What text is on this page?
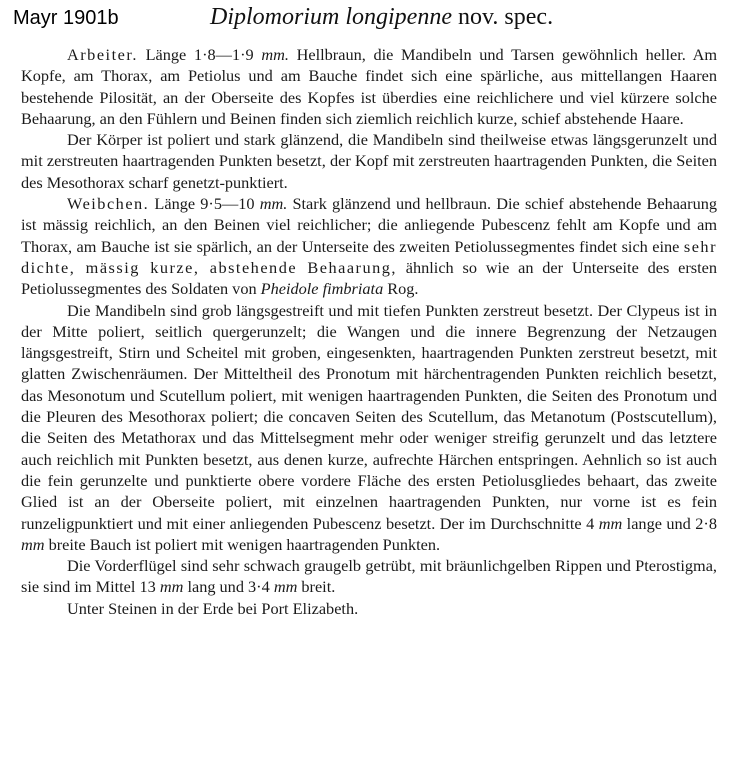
Mayr 1901b	Diplomorium longipenne nov. spec.

Arbeiter. Länge 1·8—1·9 mm. Hellbraun, die Mandibeln und Tarsen gewöhnlich heller. Am Kopfe, am Thorax, am Petiolus und am Bauche findet sich eine spärliche, aus mittellangen Haaren bestehende Pilosität, an der Oberseite des Kopfes ist überdies eine reichlichere und viel kürzere solche Behaarung, an den Fühlern und Beinen finden sich ziemlich reichlich kurze, schief abstehende Haare.

Der Körper ist poliert und stark glänzend, die Mandibeln sind theilweise etwas längsgerunzelt und mit zerstreuten haartragenden Punkten besetzt, der Kopf mit zerstreuten haartragenden Punkten, die Seiten des Mesothorax scharf genetzt-punktiert.

Weibchen. Länge 9·5—10 mm. Stark glänzend und hellbraun. Die schief abstehende Behaarung ist mässig reichlich, an den Beinen viel reichlicher; die anliegende Pubescenz fehlt am Kopfe und am Thorax, am Bauche ist sie spärlich, an der Unterseite des zweiten Petiolussegmentes findet sich eine sehr dichte, mässig kurze, abstehende Behaarung, ähnlich so wie an der Unterseite des ersten Petiolussegmentes des Soldaten von Pheidole fimbriata Rog.

Die Mandibeln sind grob längsgestreift und mit tiefen Punkten zerstreut besetzt. Der Clypeus ist in der Mitte poliert, seitlich quergerunzelt; die Wangen und die innere Begrenzung der Netzaugen längsgestreift, Stirn und Scheitel mit groben, eingesenkten, haartragenden Punkten zerstreut besetzt, mit glatten Zwischenräumen. Der Mitteltheil des Pronotum mit härchentragenden Punkten reichlich besetzt, das Mesonotum und Scutellum poliert, mit wenigen haartragenden Punkten, die Seiten des Pronotum und die Pleuren des Mesothorax poliert; die concaven Seiten des Scutellum, das Metanotum (Postscutellum), die Seiten des Metathorax und das Mittelsegment mehr oder weniger streifig gerunzelt und das letztere auch reichlich mit Punkten besetzt, aus denen kurze, aufrechte Härchen entspringen. Aehnlich so ist auch die fein gerunzelte und punktierte obere vordere Fläche des ersten Petiolusgliedes behaart, das zweite Glied ist an der Oberseite poliert, mit einzelnen haartragenden Punkten, nur vorne ist es fein runzeligpunktiert und mit einer anliegenden Pubescenz besetzt. Der im Durchschnitte 4 mm lange und 2·8 mm breite Bauch ist poliert mit wenigen haartragenden Punkten.

Die Vorderflügel sind sehr schwach graugelb getrübt, mit bräunlichgelben Rippen und Pterostigma, sie sind im Mittel 13 mm lang und 3·4 mm breit.

Unter Steinen in der Erde bei Port Elizabeth.
